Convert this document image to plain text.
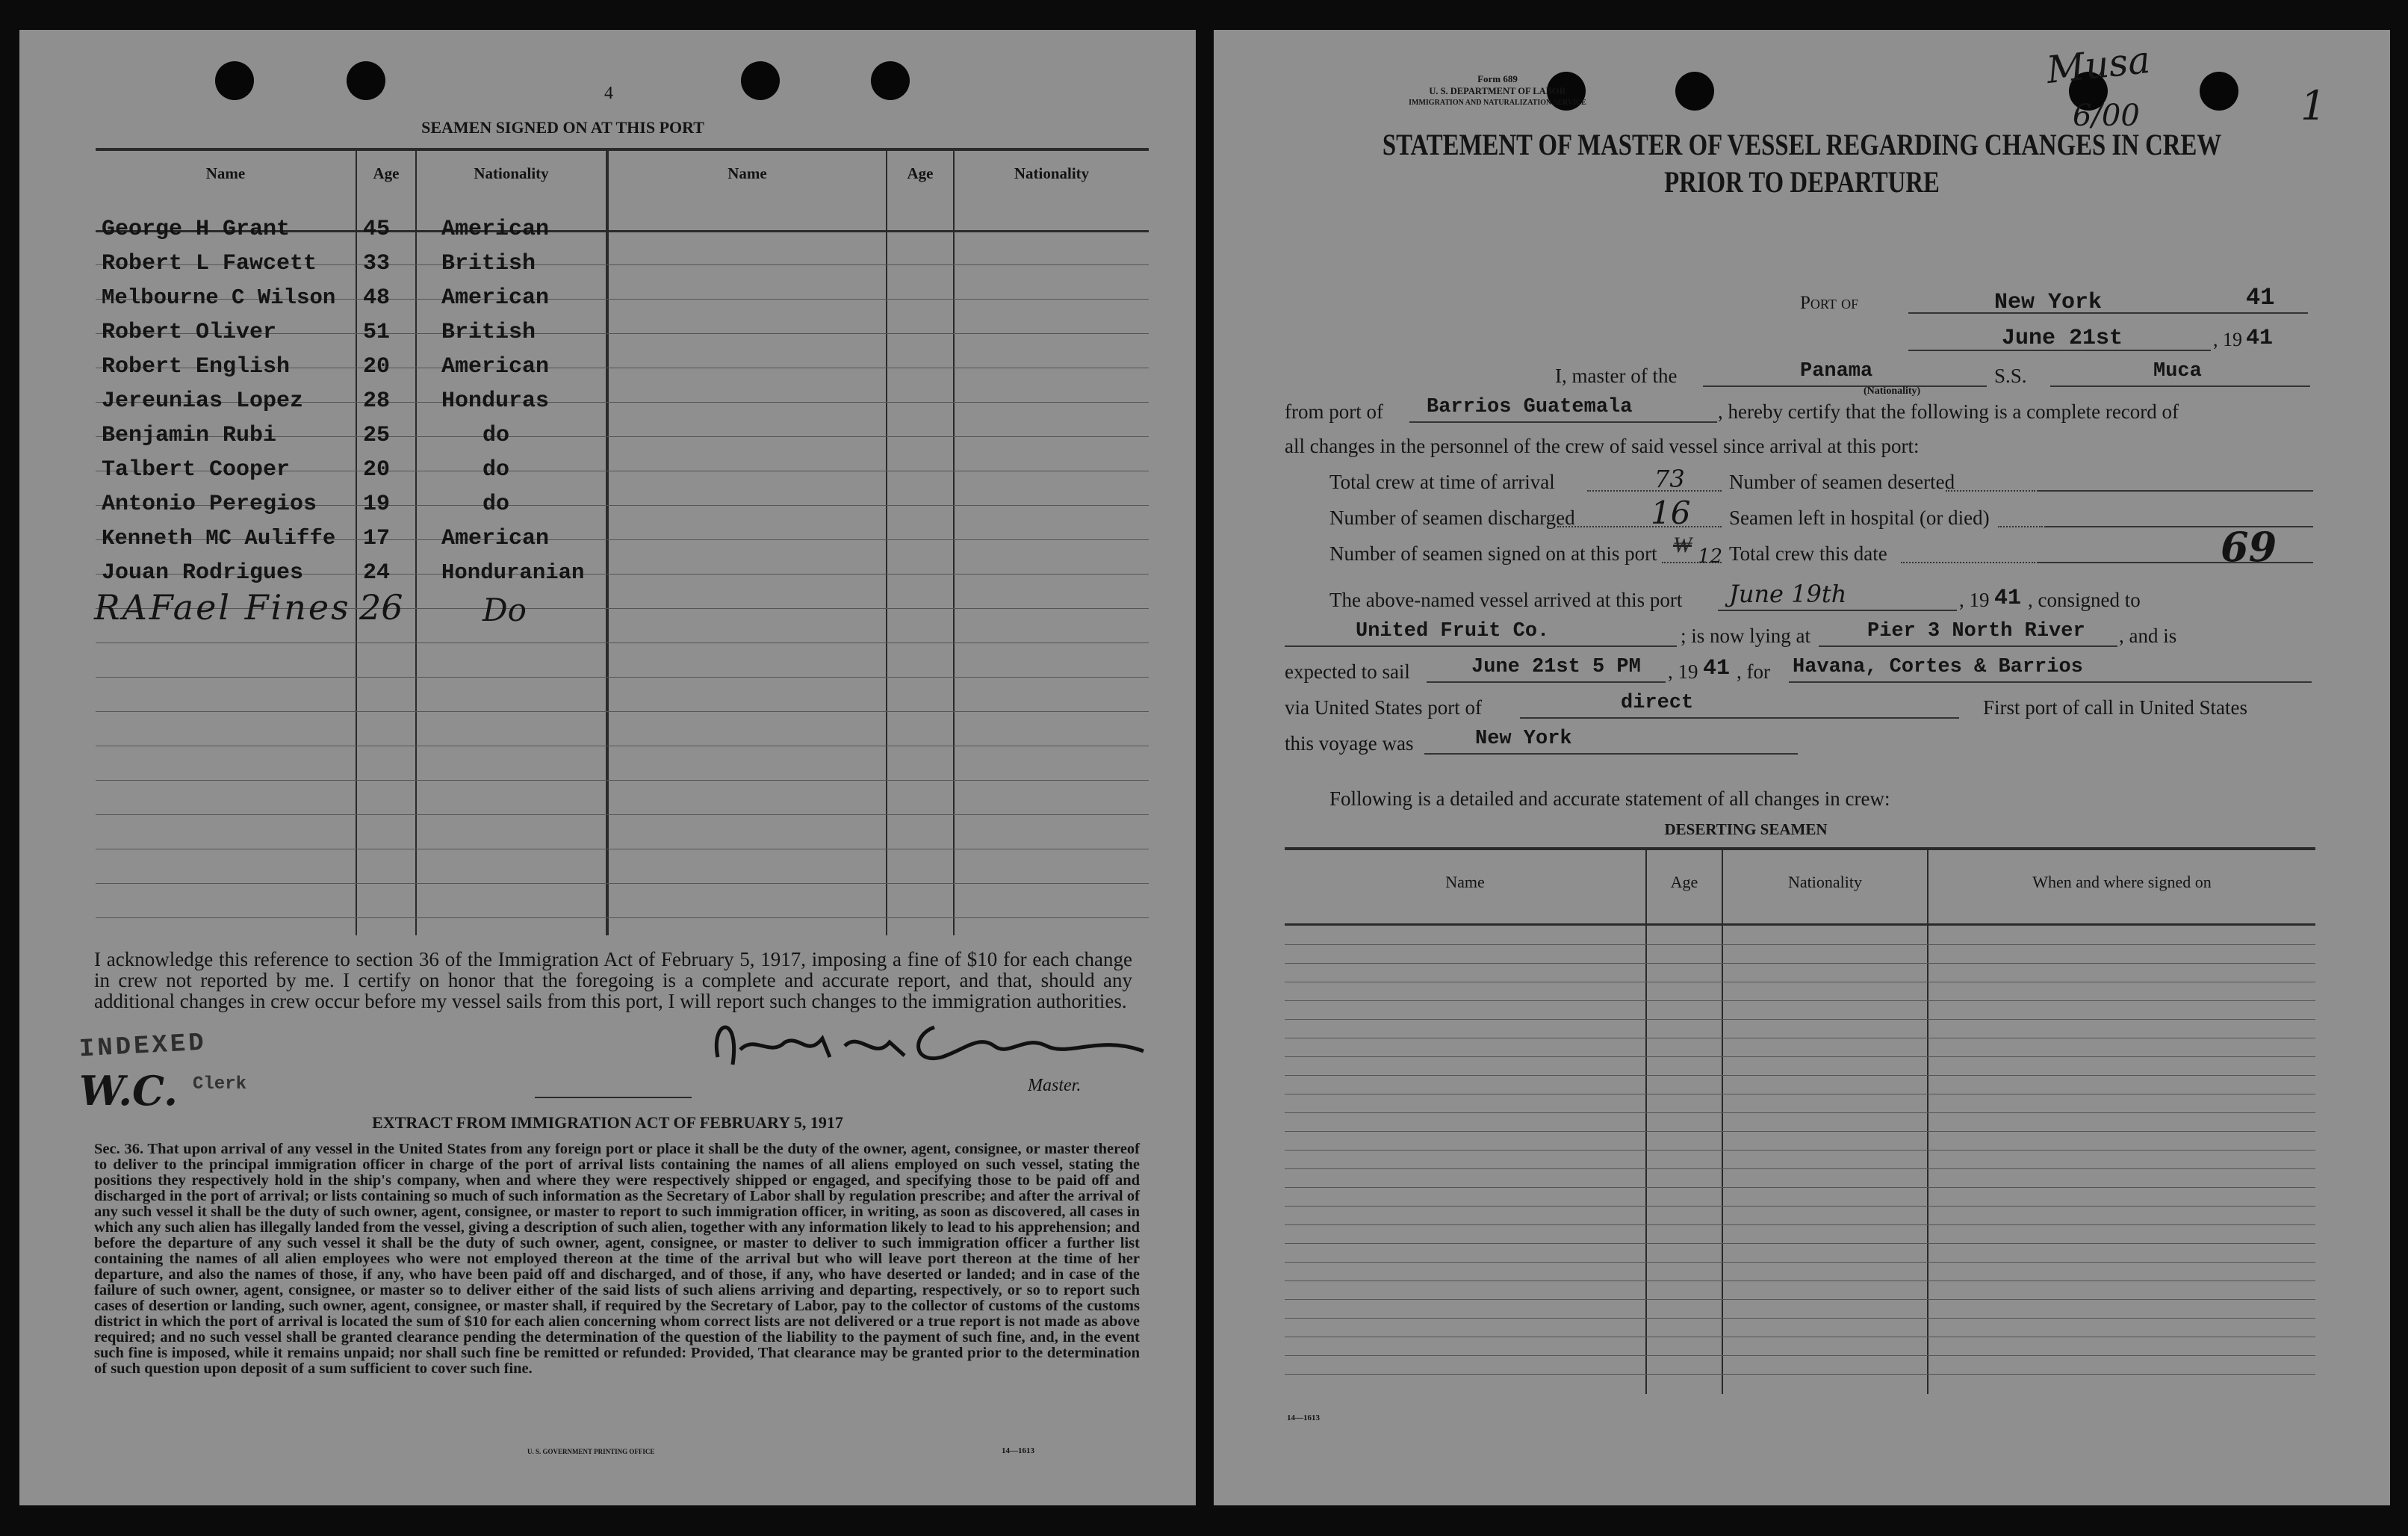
4
SEAMEN SIGNED ON AT THIS PORT
Name	Age	Nationality	Name	Age	Nationality
George H Grant	45 American
Robert L Fawcett 33 British
Melbourne C Wilson 48 American
Robert Oliver	51 British
Robert English	20 American
Jereunias Lopez	28 Honduras
Benjamin Rubi	25	do
Talbert Cooper	20	do
Antonio Peregios 19	do
Kenneth MC Auliffe 17 American
Jouan Rodrigues	24 Honduranian
RAFael Fines 26	Do
I acknowledge this reference to section 36 of the Immigration Act of February 5, 1917, imposing a fine of $10 for each change in crew not reported by me. I certify on honor that the foregoing is a complete and accurate report, and that, should any additional changes in crew occur before my vessel sails from this port, I will report such changes to the immigration authorities.
Master.
INDEXED
W.C. Clerk
EXTRACT FROM IMMIGRATION ACT OF FEBRUARY 5, 1917
Sec. 36. That upon arrival of any vessel in the United States from any foreign port or place it shall be the duty of the owner, agent, consignee, or master thereof to deliver to the principal immigration officer in charge of the port of arrival lists containing the names of all aliens employed on such vessel, stating the positions they respectively hold in the ship's company, when and where they were respectively shipped or engaged, and specifying those to be paid off and discharged in the port of arrival; or lists containing so much of such information as the Secretary of Labor shall by regulation prescribe; and after the arrival of any such vessel it shall be the duty of such owner, agent, consignee, or master to report to such immigration officer, in writing, as soon as discovered, all cases in which any such alien has illegally landed from the vessel, giving a description of such alien, together with any information likely to lead to his apprehension; and before the departure of any such vessel it shall be the duty of such owner, agent, consignee, or master to deliver to such immigration officer a further list containing the names of all alien employees who were not employed thereon at the time of the arrival but who will leave port thereon at the time of her departure, and also the names of those, if any, who have been paid off and discharged, and of those, if any, who have deserted or landed; and in case of the failure of such owner, agent, consignee, or master so to deliver either of the said lists of such aliens arriving and departing, respectively, or so to report such cases of desertion or landing, such owner, agent, consignee, or master shall, if required by the Secretary of Labor, pay to the collector of customs of the customs district in which the port of arrival is located the sum of $10 for each alien concerning whom correct lists are not delivered or a true report is not made as above required; and no such vessel shall be granted clearance pending the determination of the question of the liability to the payment of such fine, and, in the event such fine is imposed, while it remains unpaid; nor shall such fine be remitted or refunded: Provided, That clearance may be granted prior to the determination of such question upon deposit of a sum sufficient to cover such fine.
U. S. GOVERNMENT PRINTING OFFICE	14—1613
Form 689
U. S. DEPARTMENT OF LABOR
IMMIGRATION AND NATURALIZATION SERVICE
Musa
6/00	1
STATEMENT OF MASTER OF VESSEL REGARDING CHANGES IN CREW
PRIOR TO DEPARTURE
Port of	New York	41
June 21st	, 19 41
I, master of the	Panama
(Nationality)
S.S.	Muca
from port of Barrios Guatemala	, hereby certify that the following is a complete record of
all changes in the personnel of the crew of said vessel since arrival at this port:
Total crew at time of arrival	73 Number of seamen deserted
Number of seamen discharged 16 Seamen left in hospital (or died)
Number of seamen signed on at this port ₩ 12 Total crew this date	69
The above-named vessel arrived at this port June 19th	, 19 41 , consigned to
United Fruit Co.	; is now lying at	Pier 3 North River , and is
expected to sail	June 21st 5 PM , 19 41 , for Havana, Cortes & Barrios
via United States port of	direct	First port of call in United States
this voyage was	New York
Following is a detailed and accurate statement of all changes in crew:
DESERTING SEAMEN
Name	Age	Nationality	When and where signed on
14—1613
